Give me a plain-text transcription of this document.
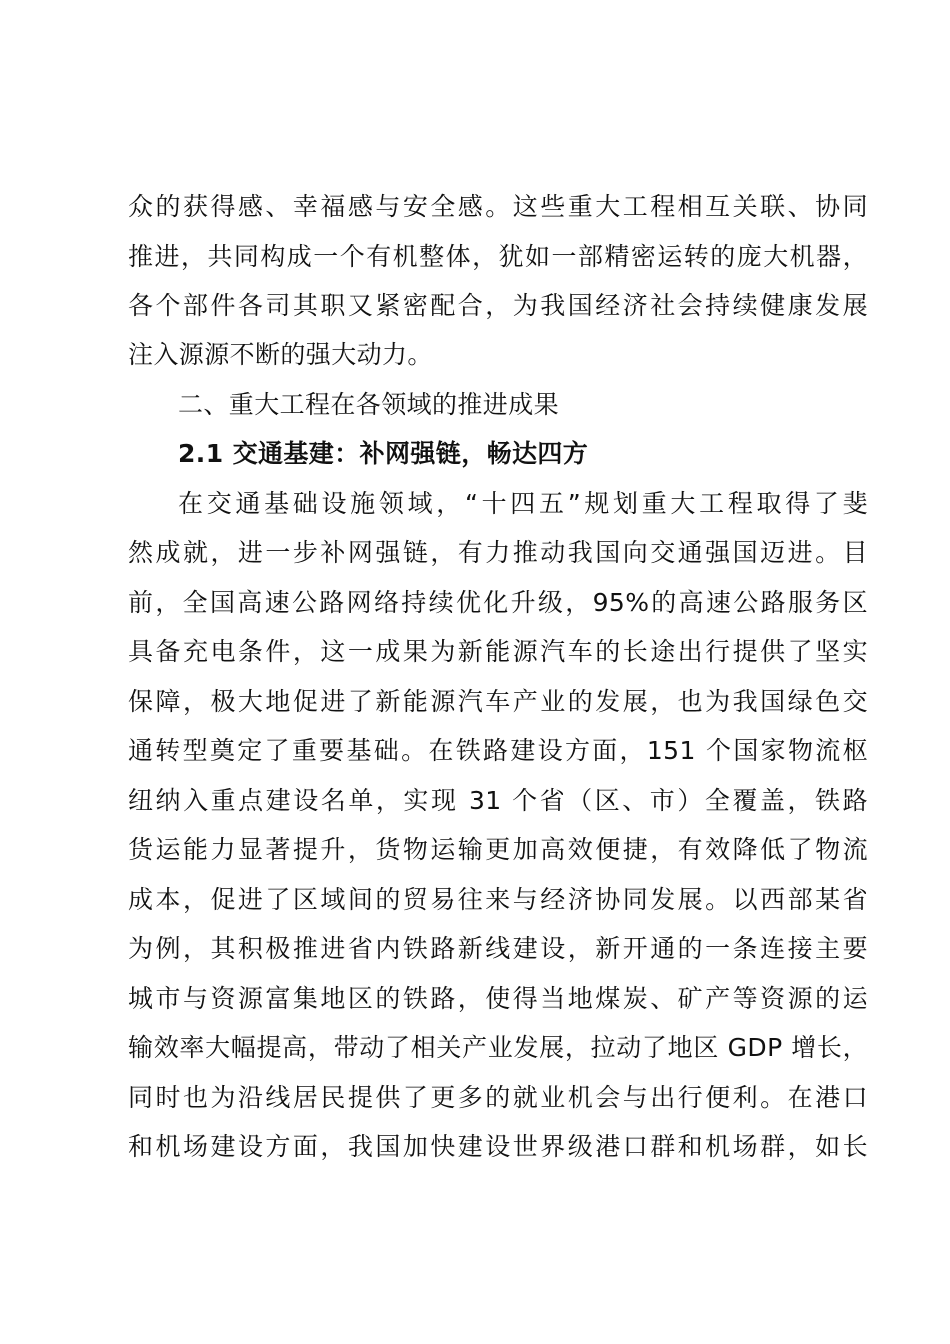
众的获得感、幸福感与安全感。这些重大工程相互关联、协同
推进，共同构成一个有机整体，犹如一部精密运转的庞大机器，
各个部件各司其职又紧密配合，为我国经济社会持续健康发展
注入源源不断的强大动力。
二、重大工程在各领域的推进成果
2.1 交通基建：补网强链，畅达四方
在交通基础设施领域，“十四五”规划重大工程取得了斐
然成就，进一步补网强链，有力推动我国向交通强国迈进。目
前，全国高速公路网络持续优化升级，95%的高速公路服务区
具备充电条件，这一成果为新能源汽车的长途出行提供了坚实
保障，极大地促进了新能源汽车产业的发展，也为我国绿色交
通转型奠定了重要基础。在铁路建设方面，151 个国家物流枢
纽纳入重点建设名单，实现 31 个省（区、市）全覆盖，铁路
货运能力显著提升，货物运输更加高效便捷，有效降低了物流
成本，促进了区域间的贸易往来与经济协同发展。以西部某省
为例，其积极推进省内铁路新线建设，新开通的一条连接主要
城市与资源富集地区的铁路，使得当地煤炭、矿产等资源的运
输效率大幅提高，带动了相关产业发展，拉动了地区 GDP 增长，
同时也为沿线居民提供了更多的就业机会与出行便利。在港口
和机场建设方面，我国加快建设世界级港口群和机场群，如长
